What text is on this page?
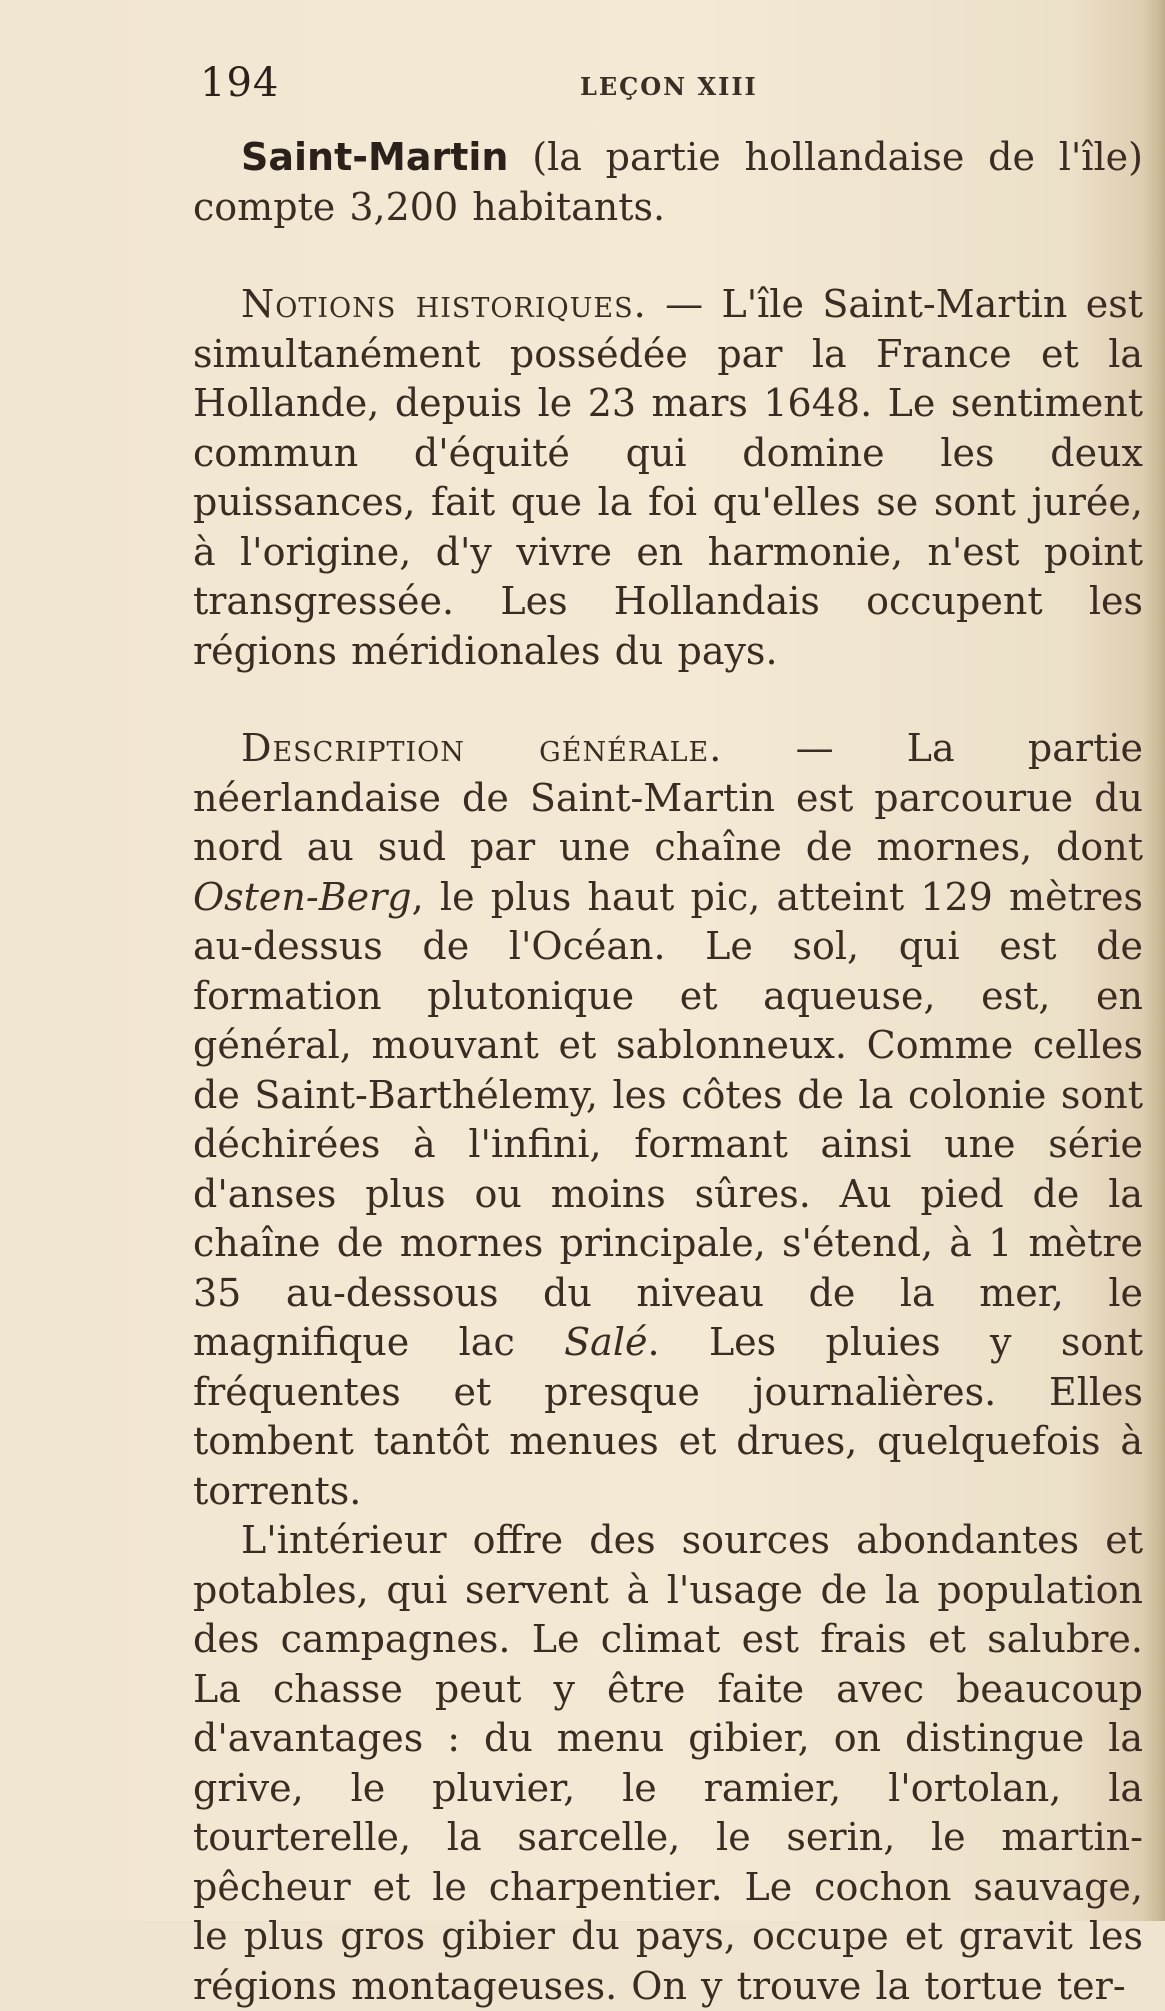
194	LEÇON XIII

Saint-Martin (la partie hollandaise de l'île) compte 3,200 habitants.

Notions historiques. — L'île Saint-Martin est simultanément possédée par la France et la Hollande, depuis le 23 mars 1648. Le sentiment commun d'équité qui domine les deux puissances, fait que la foi qu'elles se sont jurée, à l'origine, d'y vivre en harmonie, n'est point transgressée. Les Hollandais occupent les régions méridionales du pays.

Description générale. — La partie néerlandaise de Saint-Martin est parcourue du nord au sud par une chaîne de mornes, dont Osten-Berg, le plus haut pic, atteint 129 mètres au-dessus de l'Océan. Le sol, qui est de formation plutonique et aqueuse, est, en général, mouvant et sablonneux. Comme celles de Saint-Barthélemy, les côtes de la colonie sont déchirées à l'infini, formant ainsi une série d'anses plus ou moins sûres. Au pied de la chaîne de mornes principale, s'étend, à 1 mètre 35 au-dessous du niveau de la mer, le magnifique lac Salé. Les pluies y sont fréquentes et presque journalières. Elles tombent tantôt menues et drues, quelquefois à torrents.

L'intérieur offre des sources abondantes et potables, qui servent à l'usage de la population des campagnes. Le climat est frais et salubre. La chasse peut y être faite avec beaucoup d'avantages : du menu gibier, on distingue la grive, le pluvier, le ramier, l'ortolan, la tourterelle, la sarcelle, le serin, le martin-pêcheur et le charpentier. Le cochon sauvage, le plus gros gibier du pays, occupe et gravit les régions montageuses. On y trouve la tortue ter-
